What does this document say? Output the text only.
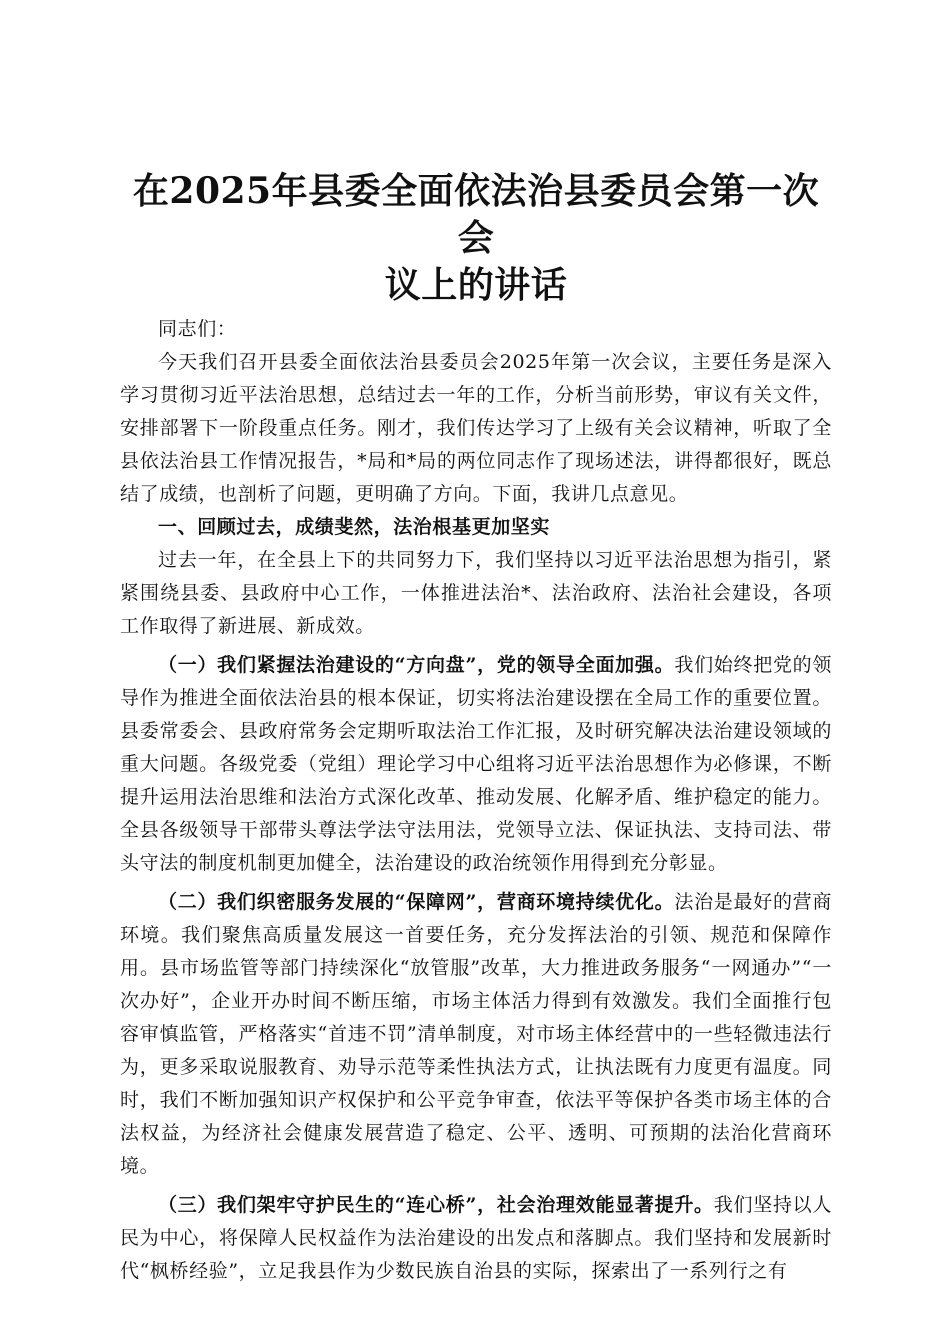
在2025年县委全面依法治县委员会第一次会
议上的讲话

同志们：

今天我们召开县委全面依法治县委员会2025年第一次会议，主要任务是深入学习贯彻习近平法治思想，总结过去一年的工作，分析当前形势，审议有关文件，安排部署下一阶段重点任务。刚才，我们传达学习了上级有关会议精神，听取了全县依法治县工作情况报告，*局和*局的两位同志作了现场述法，讲得都很好，既总结了成绩，也剖析了问题，更明确了方向。下面，我讲几点意见。

一、回顾过去，成绩斐然，法治根基更加坚实

过去一年，在全县上下的共同努力下，我们坚持以习近平法治思想为指引，紧紧围绕县委、县政府中心工作，一体推进法治*、法治政府、法治社会建设，各项工作取得了新进展、新成效。

（一）我们紧握法治建设的“方向盘”，党的领导全面加强。我们始终把党的领导作为推进全面依法治县的根本保证，切实将法治建设摆在全局工作的重要位置。县委常委会、县政府常务会定期听取法治工作汇报，及时研究解决法治建设领域的重大问题。各级党委（党组）理论学习中心组将习近平法治思想作为必修课，不断提升运用法治思维和法治方式深化改革、推动发展、化解矛盾、维护稳定的能力。全县各级领导干部带头尊法学法守法用法，党领导立法、保证执法、支持司法、带头守法的制度机制更加健全，法治建设的政治统领作用得到充分彰显。

（二）我们织密服务发展的“保障网”，营商环境持续优化。法治是最好的营商环境。我们聚焦高质量发展这一首要任务，充分发挥法治的引领、规范和保障作用。县市场监管等部门持续深化“放管服”改革，大力推进政务服务“一网通办”“一次办好”，企业开办时间不断压缩，市场主体活力得到有效激发。我们全面推行包容审慎监管，严格落实“首违不罚”清单制度，对市场主体经营中的一些轻微违法行为，更多采取说服教育、劝导示范等柔性执法方式，让执法既有力度更有温度。同时，我们不断加强知识产权保护和公平竞争审查，依法平等保护各类市场主体的合法权益，为经济社会健康发展营造了稳定、公平、透明、可预期的法治化营商环境。

（三）我们架牢守护民生的“连心桥”，社会治理效能显著提升。我们坚持以人民为中心，将保障人民权益作为法治建设的出发点和落脚点。我们坚持和发展新时代“枫桥经验”，立足我县作为少数民族自治县的实际，探索出了一系列行之有
